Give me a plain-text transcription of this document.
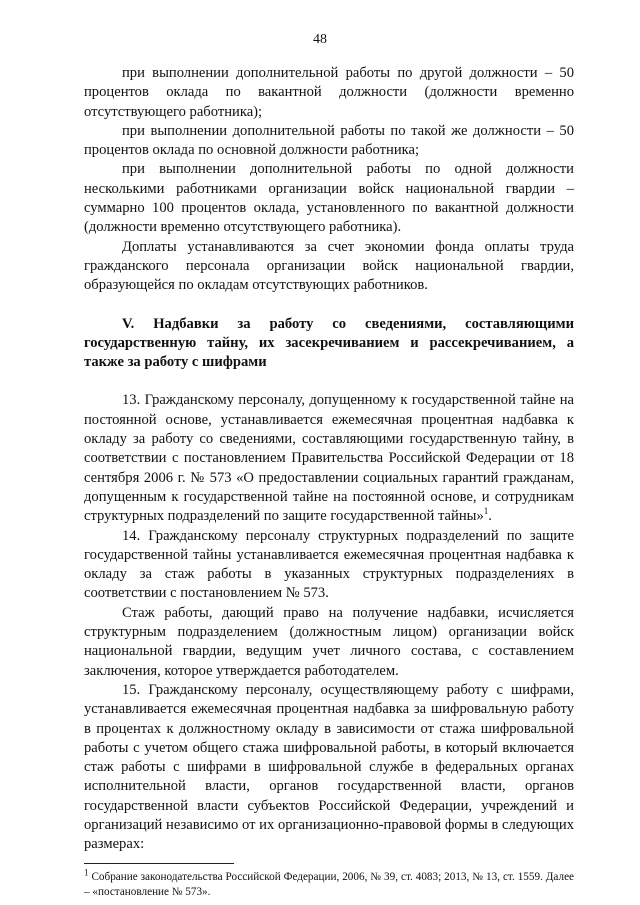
48

при выполнении дополнительной работы по другой должности – 50 процентов оклада по вакантной должности (должности временно отсутствующего работника);

при выполнении дополнительной работы по такой же должности – 50 процентов оклада по основной должности работника;

при выполнении дополнительной работы по одной должности несколькими работниками организации войск национальной гвардии – суммарно 100 процентов оклада, установленного по вакантной должности (должности временно отсутствующего работника).

Доплаты устанавливаются за счет экономии фонда оплаты труда гражданского персонала организации войск национальной гвардии, образующейся по окладам отсутствующих работников.

V. Надбавки за работу со сведениями, составляющими государственную тайну, их засекречиванием и рассекречиванием, а также за работу с шифрами

13. Гражданскому персоналу, допущенному к государственной тайне на постоянной основе, устанавливается ежемесячная процентная надбавка к окладу за работу со сведениями, составляющими государственную тайну, в соответствии с постановлением Правительства Российской Федерации от 18 сентября 2006 г. № 573 «О предоставлении социальных гарантий гражданам, допущенным к государственной тайне на постоянной основе, и сотрудникам структурных подразделений по защите государственной тайны»$^1$.

14. Гражданскому персоналу структурных подразделений по защите государственной тайны устанавливается ежемесячная процентная надбавка к окладу за стаж работы в указанных структурных подразделениях в соответствии с постановлением № 573.

Стаж работы, дающий право на получение надбавки, исчисляется структурным подразделением (должностным лицом) организации войск национальной гвардии, ведущим учет личного состава, с составлением заключения, которое утверждается работодателем.

15. Гражданскому персоналу, осуществляющему работу с шифрами, устанавливается ежемесячная процентная надбавка за шифровальную работу в процентах к должностному окладу в зависимости от стажа шифровальной работы с учетом общего стажа шифровальной работы, в который включается стаж работы с шифрами в шифровальной службе в федеральных органах исполнительной власти, органов государственной власти, органов государственной власти субъектов Российской Федерации, учреждений и организаций независимо от их организационно-правовой формы в следующих размерах:

$^1$ Собрание законодательства Российской Федерации, 2006, № 39, ст. 4083; 2013, № 13, ст. 1559. Далее – «постановление № 573».
